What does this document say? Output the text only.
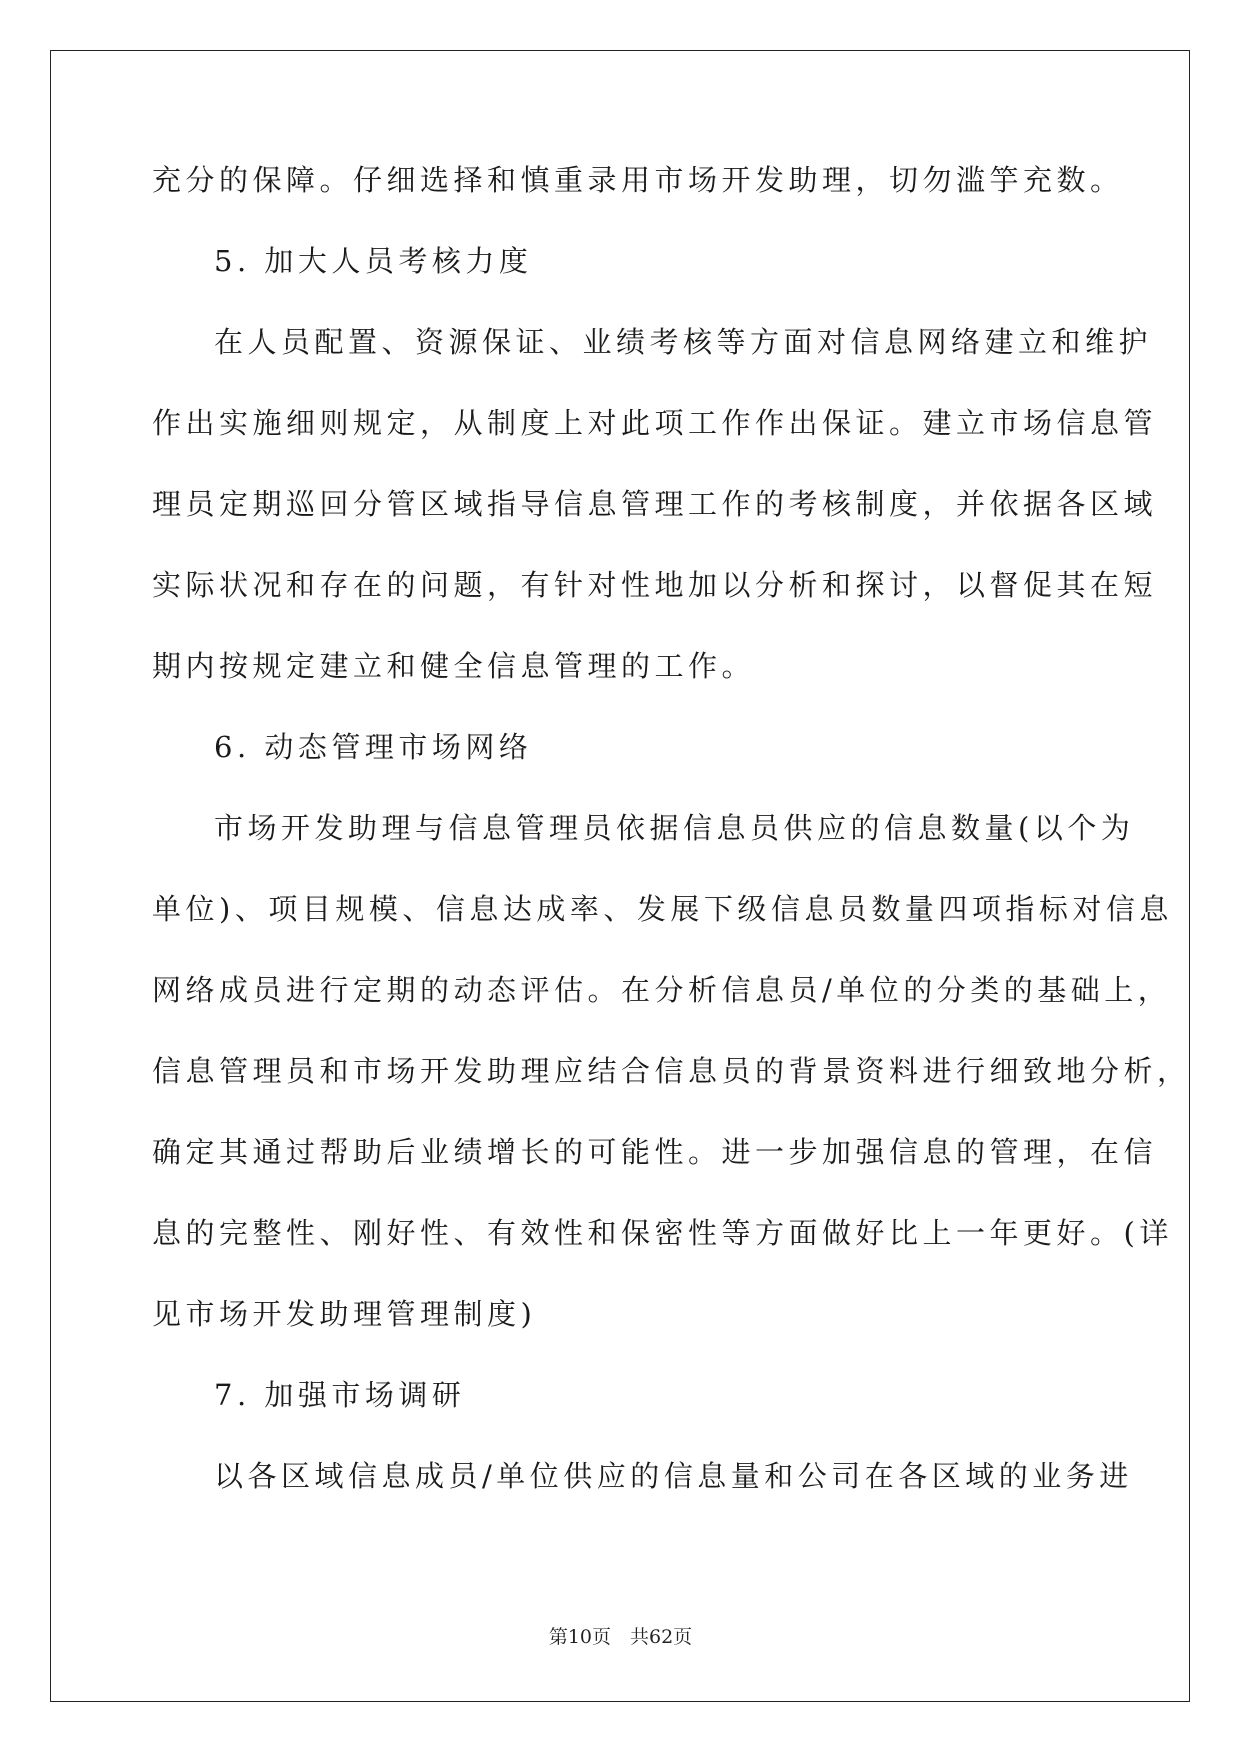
充分的保障。仔细选择和慎重录用市场开发助理，切勿滥竽充数。
5. 加大人员考核力度
在人员配置、资源保证、业绩考核等方面对信息网络建立和维护
作出实施细则规定，从制度上对此项工作作出保证。建立市场信息管
理员定期巡回分管区域指导信息管理工作的考核制度，并依据各区域
实际状况和存在的问题，有针对性地加以分析和探讨，以督促其在短
期内按规定建立和健全信息管理的工作。
6. 动态管理市场网络
市场开发助理与信息管理员依据信息员供应的信息数量(以个为
单位)、项目规模、信息达成率、发展下级信息员数量四项指标对信息
网络成员进行定期的动态评估。在分析信息员/单位的分类的基础上，
信息管理员和市场开发助理应结合信息员的背景资料进行细致地分析，
确定其通过帮助后业绩增长的可能性。进一步加强信息的管理，在信
息的完整性、刚好性、有效性和保密性等方面做好比上一年更好。(详
见市场开发助理管理制度)
7. 加强市场调研
以各区域信息成员/单位供应的信息量和公司在各区域的业务进
第10页　共62页
